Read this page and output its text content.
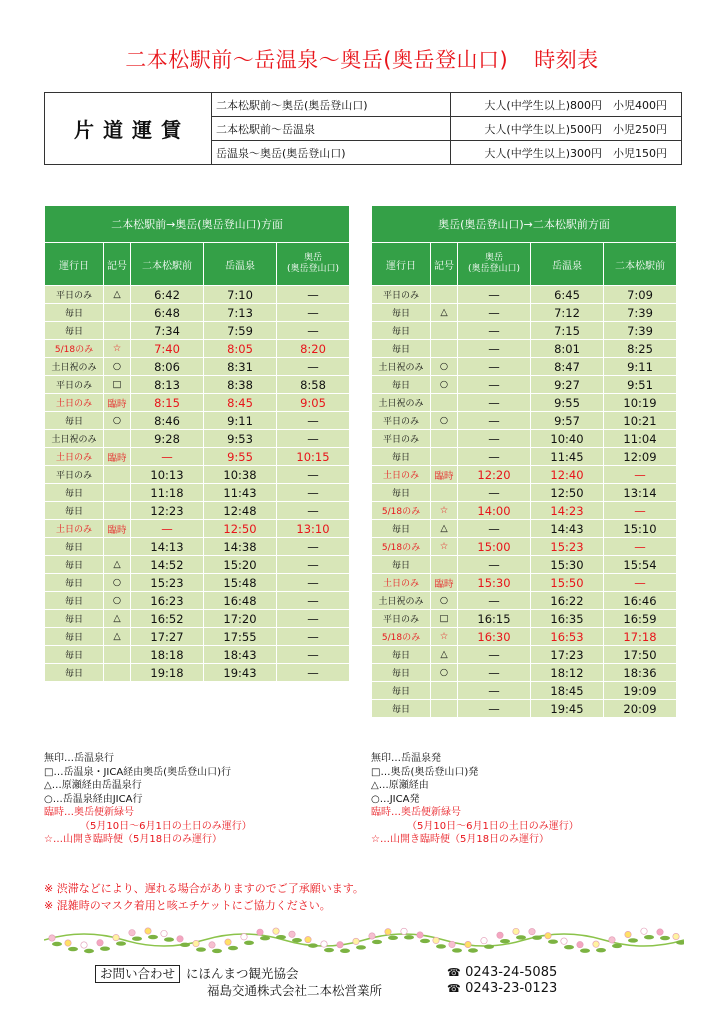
二本松駅前〜岳温泉〜奥岳(奥岳登山口) 時刻表
片道運賃	二本松駅前〜奥岳(奥岳登山口)	大人(中学生以上)800円　小児400円
	二本松駅前〜岳温泉	大人(中学生以上)500円　小児250円
	岳温泉〜奥岳(奥岳登山口)	大人(中学生以上)300円　小児150円
二本松駅前→奥岳(奥岳登山口)方面				
運行日	記号	二本松駅前	岳温泉	奥岳
(奥岳登山口)
平日のみ	△	6:42	7:10	—
毎日		6:48	7:13	—
毎日		7:34	7:59	—
5/18のみ	☆	7:40	8:05	8:20
土日祝のみ	○	8:06	8:31	—
平日のみ	□	8:13	8:38	8:58
土日のみ	臨時	8:15	8:45	9:05
毎日	○	8:46	9:11	—
土日祝のみ		9:28	9:53	—
土日のみ	臨時	—	9:55	10:15
平日のみ		10:13	10:38	—
毎日		11:18	11:43	—
毎日		12:23	12:48	—
土日のみ	臨時	—	12:50	13:10
毎日		14:13	14:38	—
毎日	△	14:52	15:20	—
毎日	○	15:23	15:48	—
毎日	○	16:23	16:48	—
毎日	△	16:52	17:20	—
毎日	△	17:27	17:55	—
毎日		18:18	18:43	—
毎日		19:18	19:43	—
奥岳(奥岳登山口)→二本松駅前方面				
運行日	記号	奥岳
(奥岳登山口)	岳温泉	二本松駅前
平日のみ		—	6:45	7:09
毎日	△	—	7:12	7:39
毎日		—	7:15	7:39
毎日		—	8:01	8:25
土日祝のみ	○	—	8:47	9:11
毎日	○	—	9:27	9:51
土日祝のみ		—	9:55	10:19
平日のみ	○	—	9:57	10:21
平日のみ		—	10:40	11:04
毎日		—	11:45	12:09
土日のみ	臨時	12:20	12:40	—
毎日		—	12:50	13:14
5/18のみ	☆	14:00	14:23	—
毎日	△	—	14:43	15:10
5/18のみ	☆	15:00	15:23	—
毎日		—	15:30	15:54
土日のみ	臨時	15:30	15:50	—
土日祝のみ	○	—	16:22	16:46
平日のみ	□	16:15	16:35	16:59
5/18のみ	☆	16:30	16:53	17:18
毎日	△	—	17:23	17:50
毎日	○	—	18:12	18:36
毎日		—	18:45	19:09
毎日		—	19:45	20:09
無印…岳温泉行
□…岳温泉・JICA経由奥岳(奥岳登山口)行
△…原瀬経由岳温泉行
○…岳温泉経由JICA行
臨時…奥岳便新緑号
（5月10日〜6月1日の土日のみ運行）
☆…山開き臨時便（5月18日のみ運行）
無印…岳温泉発
□…奥岳(奥岳登山口)発
△…原瀬経由
○…JICA発
臨時…奥岳便新緑号
（5月10日〜6月1日の土日のみ運行）
☆…山開き臨時便（5月18日のみ運行）
※ 渋滞などにより、遅れる場合がありますのでご了承願います。
※ 混雑時のマスク着用と咳エチケットにご協力ください。
お問い合わせ にほんまつ観光協会
福島交通株式会社二本松営業所
☎ 0243-24-5085
☎ 0243-23-0123
